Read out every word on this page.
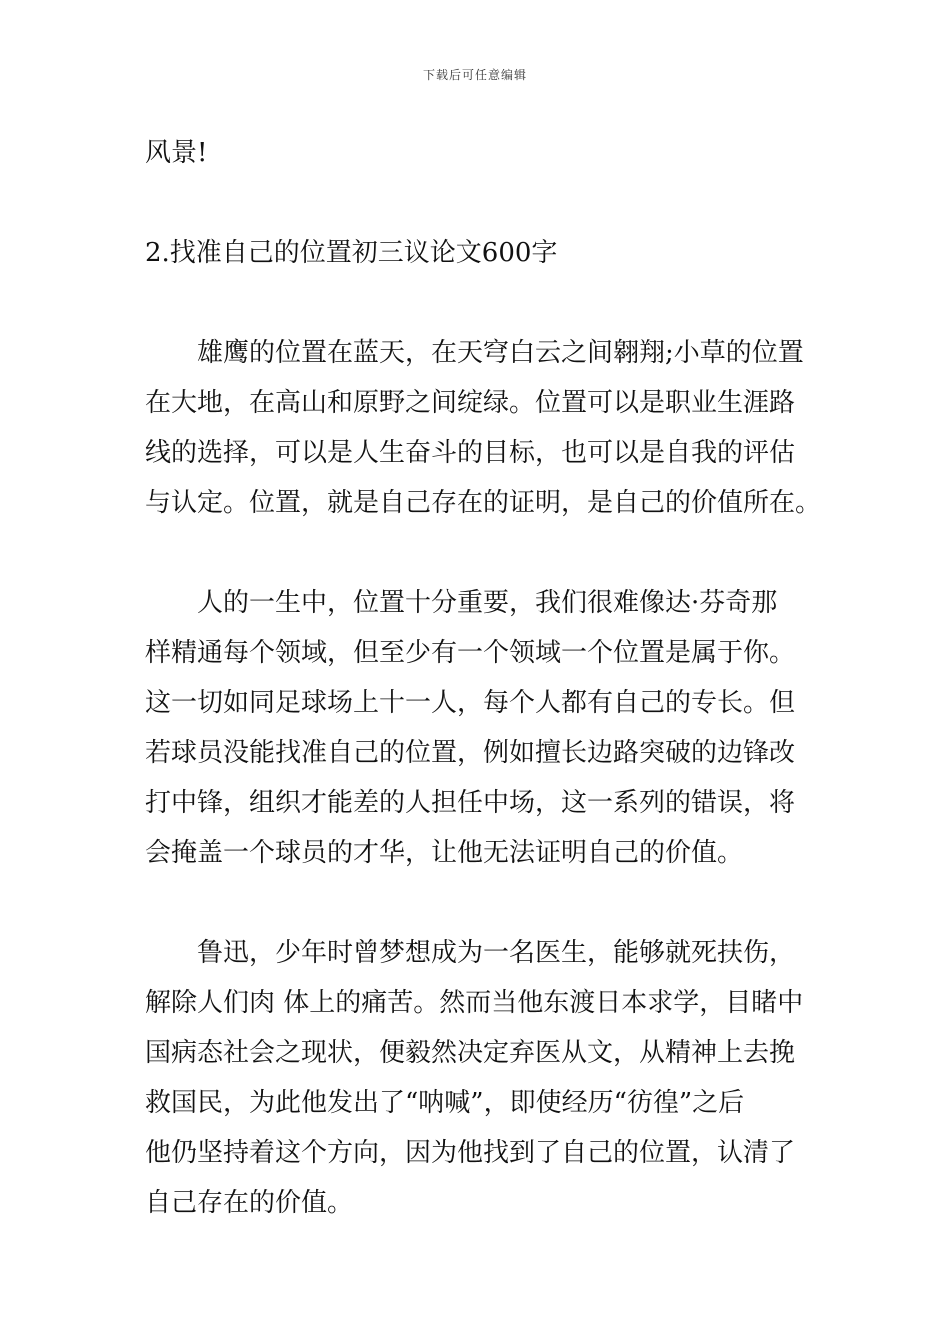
下载后可任意编辑
风景!
2.找准自己的位置初三议论文600字
雄鹰的位置在蓝天，在天穹白云之间翱翔;小草的位置
在大地，在高山和原野之间绽绿。位置可以是职业生涯路
线的选择，可以是人生奋斗的目标，也可以是自我的评估
与认定。位置，就是自己存在的证明，是自己的价值所在。
人的一生中，位置十分重要，我们很难像达·芬奇那
样精通每个领域，但至少有一个领域一个位置是属于你。
这一切如同足球场上十一人，每个人都有自己的专长。但
若球员没能找准自己的位置，例如擅长边路突破的边锋改
打中锋，组织才能差的人担任中场，这一系列的错误，将
会掩盖一个球员的才华，让他无法证明自己的价值。
鲁迅，少年时曾梦想成为一名医生，能够就死扶伤，
解除人们肉 体上的痛苦。然而当他东渡日本求学，目睹中
国病态社会之现状，便毅然决定弃医从文，从精神上去挽
救国民，为此他发出了“呐喊”，即使经历“彷徨”之后
他仍坚持着这个方向，因为他找到了自己的位置，认清了
自己存在的价值。
